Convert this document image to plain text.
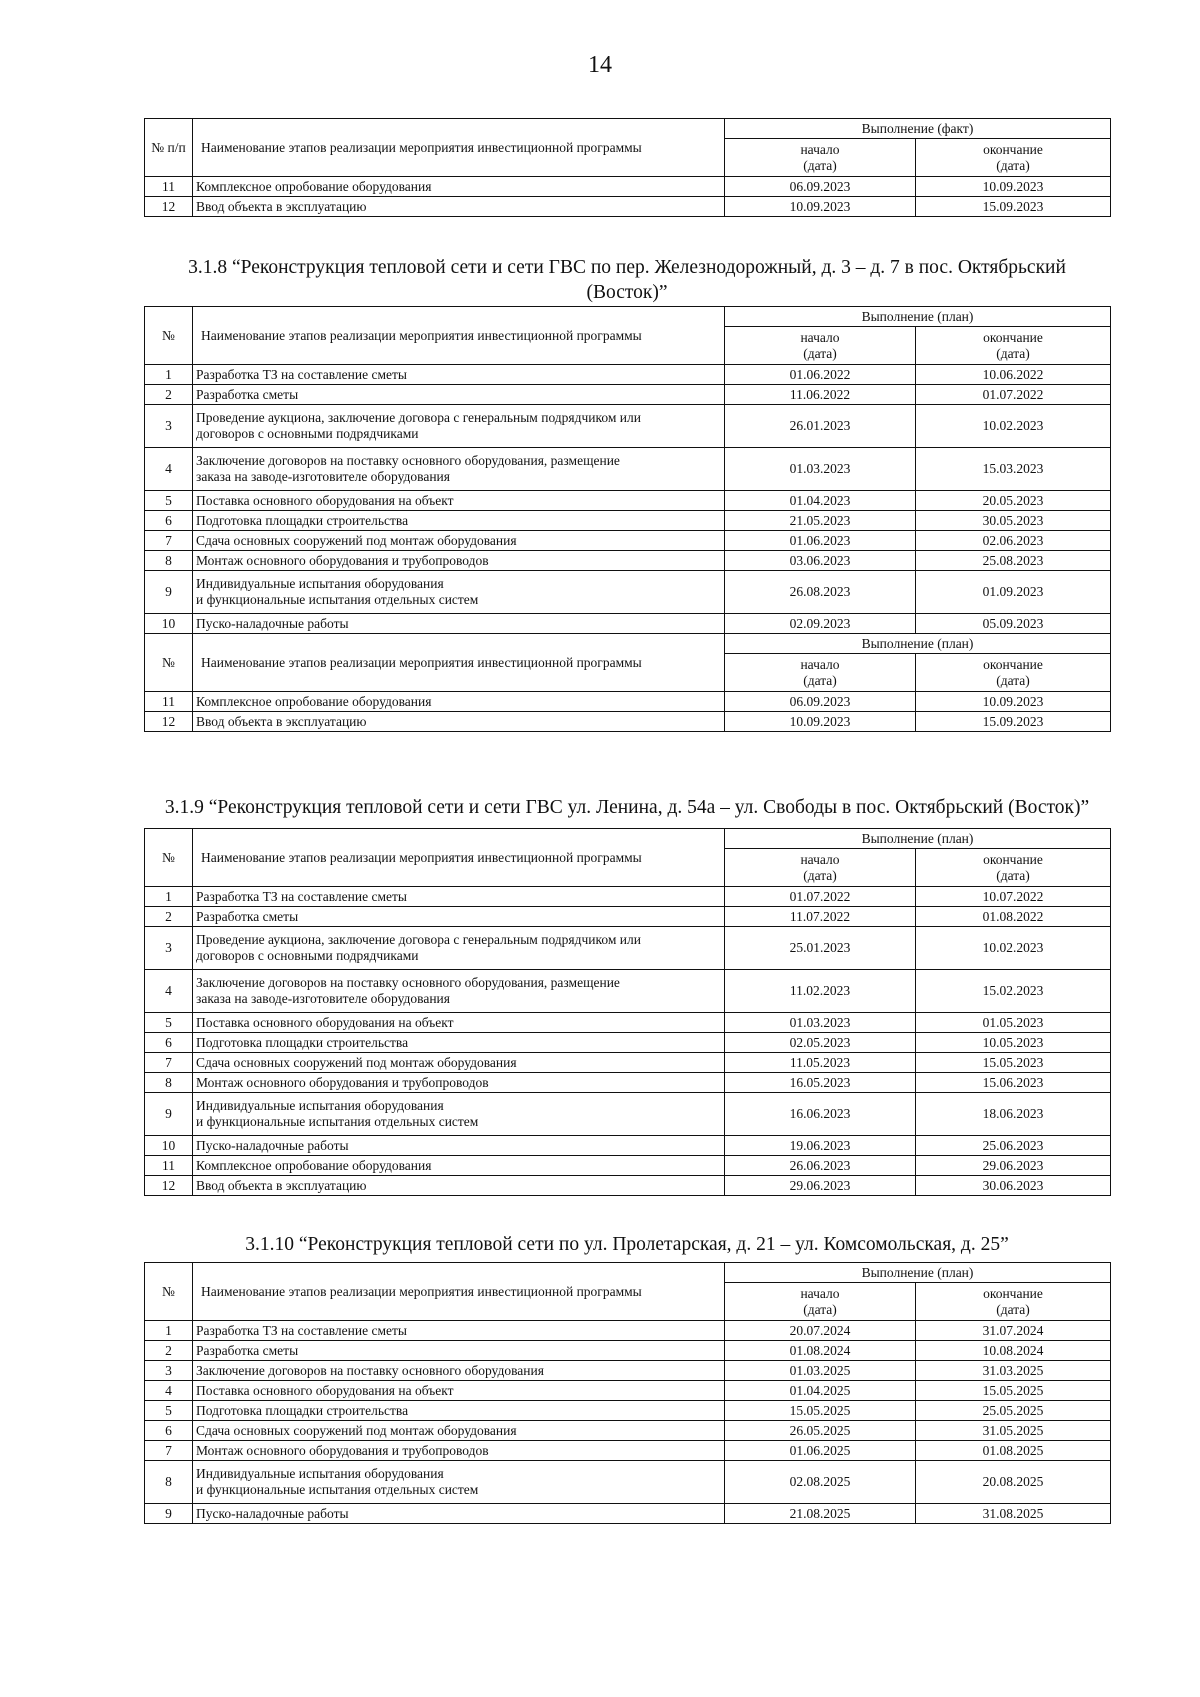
14
№ п/п	Наименование этапов реализации мероприятия инвестиционной программы	Выполнение (факт)	

		начало
(дата)	окончание
(дата)

11	Комплексное опробование оборудования	06.09.2023	10.09.2023
12	Ввод объекта в эксплуатацию	10.09.2023	15.09.2023
3.1.8 “Реконструкция тепловой сети и сети ГВС по пер. Железнодорожный, д. 3 – д. 7 в пос. Октябрьский
(Восток)”
№	Наименование этапов реализации мероприятия инвестиционной программы	Выполнение (план)	

		начало
(дата)	окончание
(дата)

1	Разработка ТЗ на составление сметы	01.06.2022	10.06.2022
2	Разработка сметы	11.06.2022	01.07.2022
3	Проведение аукциона, заключение договора с генеральным подрядчиком или
договоров с основными подрядчиками	26.01.2023	10.02.2023
4	Заключение договоров на поставку основного оборудования, размещение
заказа на заводе-изготовителе оборудования	01.03.2023	15.03.2023
5	Поставка основного оборудования на объект	01.04.2023	20.05.2023
6	Подготовка площадки строительства	21.05.2023	30.05.2023
7	Сдача основных сооружений под монтаж оборудования	01.06.2023	02.06.2023
8	Монтаж основного оборудования и трубопроводов	03.06.2023	25.08.2023
9	Индивидуальные испытания оборудования
и функциональные испытания отдельных систем	26.08.2023	01.09.2023
10	Пуско-наладочные работы	02.09.2023	05.09.2023
№	Наименование этапов реализации мероприятия инвестиционной программы	Выполнение (план)	

		начало
(дата)	окончание
(дата)

11	Комплексное опробование оборудования	06.09.2023	10.09.2023
12	Ввод объекта в эксплуатацию	10.09.2023	15.09.2023
3.1.9 “Реконструкция тепловой сети и сети ГВС ул. Ленина, д. 54а – ул. Свободы в пос. Октябрьский (Восток)”
№	Наименование этапов реализации мероприятия инвестиционной программы	Выполнение (план)	

		начало
(дата)	окончание
(дата)

1	Разработка ТЗ на составление сметы	01.07.2022	10.07.2022
2	Разработка сметы	11.07.2022	01.08.2022
3	Проведение аукциона, заключение договора с генеральным подрядчиком или
договоров с основными подрядчиками	25.01.2023	10.02.2023
4	Заключение договоров на поставку основного оборудования, размещение
заказа на заводе-изготовителе оборудования	11.02.2023	15.02.2023
5	Поставка основного оборудования на объект	01.03.2023	01.05.2023
6	Подготовка площадки строительства	02.05.2023	10.05.2023
7	Сдача основных сооружений под монтаж оборудования	11.05.2023	15.05.2023
8	Монтаж основного оборудования и трубопроводов	16.05.2023	15.06.2023
9	Индивидуальные испытания оборудования
и функциональные испытания отдельных систем	16.06.2023	18.06.2023
10	Пуско-наладочные работы	19.06.2023	25.06.2023
11	Комплексное опробование оборудования	26.06.2023	29.06.2023
12	Ввод объекта в эксплуатацию	29.06.2023	30.06.2023
3.1.10 “Реконструкция тепловой сети по ул. Пролетарская, д. 21 – ул. Комсомольская, д. 25”
№	Наименование этапов реализации мероприятия инвестиционной программы	Выполнение (план)	

		начало
(дата)	окончание
(дата)

1	Разработка ТЗ на составление сметы	20.07.2024	31.07.2024
2	Разработка сметы	01.08.2024	10.08.2024
3	Заключение договоров на поставку основного оборудования	01.03.2025	31.03.2025
4	Поставка основного оборудования на объект	01.04.2025	15.05.2025
5	Подготовка площадки строительства	15.05.2025	25.05.2025
6	Сдача основных сооружений под монтаж оборудования	26.05.2025	31.05.2025
7	Монтаж основного оборудования и трубопроводов	01.06.2025	01.08.2025
8	Индивидуальные испытания оборудования
и функциональные испытания отдельных систем	02.08.2025	20.08.2025
9	Пуско-наладочные работы	21.08.2025	31.08.2025
